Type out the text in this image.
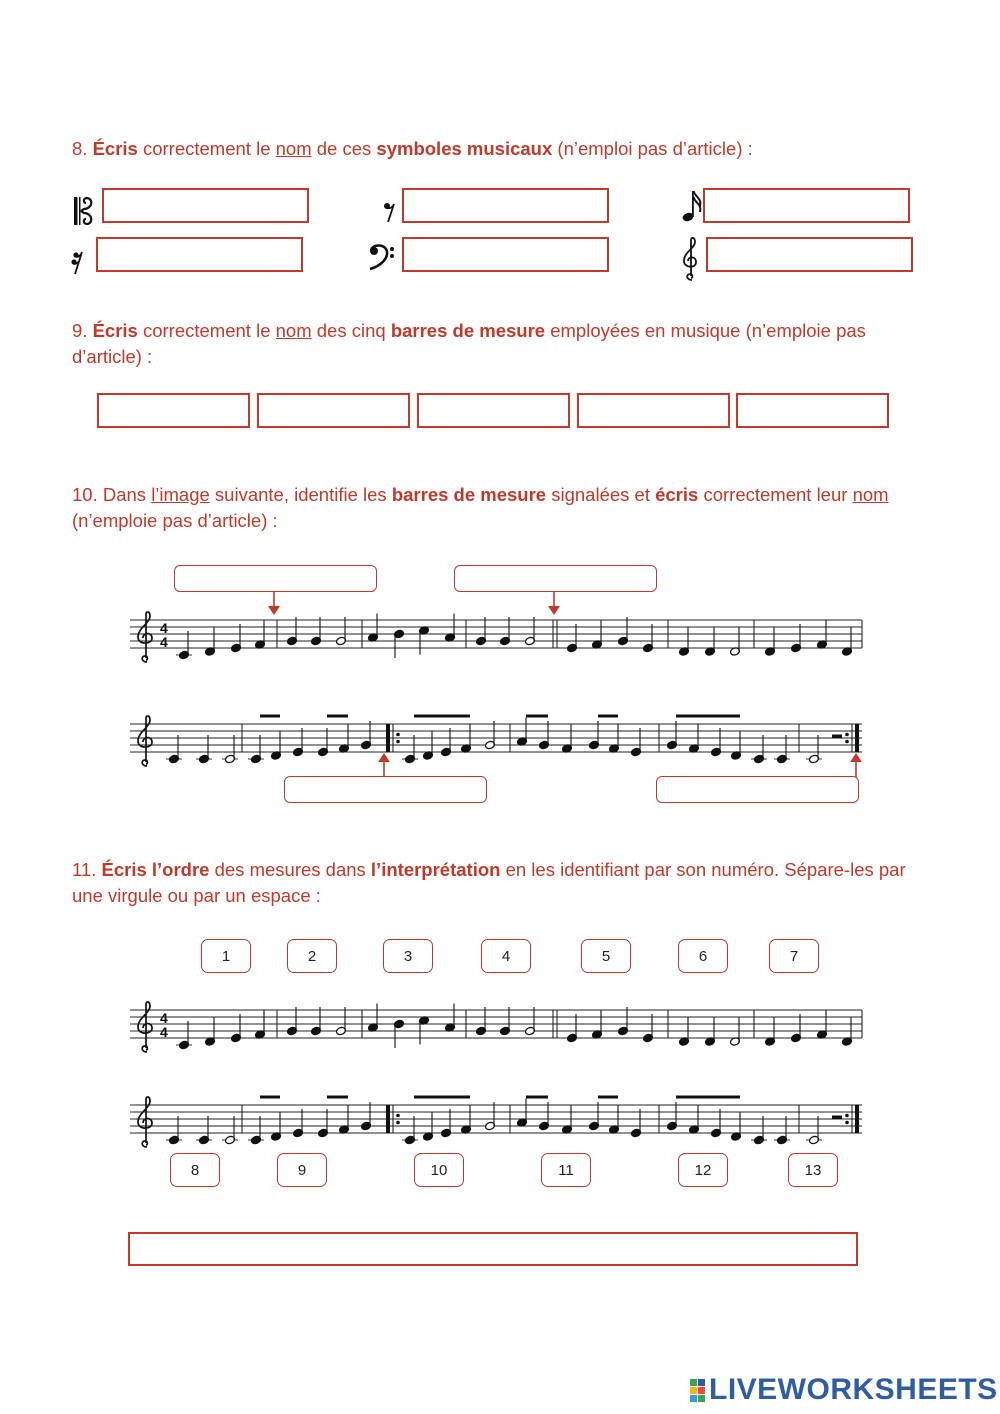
8. Écris correctement le nom de ces symboles musicaux (n’emploi pas d’article) :
9. Écris correctement le nom des cinq barres de mesure employées en musique (n’emploie pas d’article) :
10. Dans l’image suivante, identifie les barres de mesure signalées et écris correctement leur nom (n’emploie pas d’article) :
4
4
11. Écris l’ordre des mesures dans l’interprétation en les identifiant par son numéro. Sépare-les par une virgule ou par un espace :
1	2	3	4	5	6	7
4
4
8	9	10	11	12	13
LIVEWORKSHEETS
